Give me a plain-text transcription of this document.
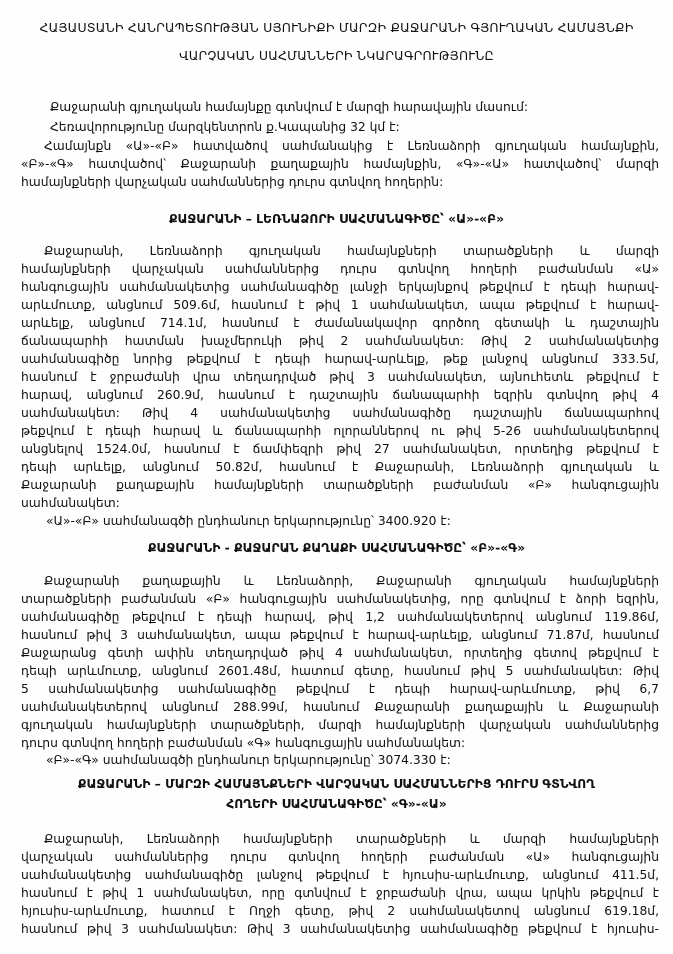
ՀԱՅԱՍՏԱՆԻ ՀԱՆՐԱՊԵՏՈՒԹՅԱՆ ՍՅՈՒՆԻՔԻ ՄԱՐԶԻ ՔԱՋԱՐԱՆԻ ԳՅՈՒՂԱԿԱՆ ՀԱՄԱՅՆՔԻ
ՎԱՐՉԱԿԱՆ ՍԱՀՄԱՆՆԵՐԻ ՆԿԱՐԱԳՐՈՒԹՅՈՒՆԸ
Քաջարանի գյուղական համայնքը գտնվում է մարզի հարավային մասում:
Հեռավորությունը մարզկենտրոն ք.Կապանից 32 կմ է:
Համայնքն «Ա»-«Բ» հատվածով սահմանակից է Լեռնաձորի գյուղական համայնքին,
«Բ»-«Գ» հատվածով՝ Քաջարանի քաղաքային համայնքին, «Գ»-«Ա» հատվածով՝ մարզի
համայնքների վարչական սահմաններից դուրս գտնվող հողերին:
ՔԱՋԱՐԱՆԻ – ԼԵՌՆԱՁՈՐԻ ՍԱՀՄԱՆԱԳԻԾԸ՝ «Ա»-«Բ»
Քաջարանի, Լեռնաձորի գյուղական համայնքների տարածքների և մարզի
համայնքների վարչական սահմաններից դուրս գտնվող հողերի բաժանման «Ա»
հանգուցային սահմանակետից սահմանագիծը լանջի երկայնքով թեքվում է դեպի հարավ-
արևմուտք, անցնում 509.6մ, հասնում է թիվ 1 սահմանակետ, ապա թեքվում է հարավ-
արևելք, անցնում 714.1մ, հասնում է ժամանակավոր գործող գետակի և դաշտային
ճանապարհի հատման խաչմերուկի թիվ 2 սահմանակետ: Թիվ 2 սահմանակետից
սահմանագիծը նորից թեքվում է դեպի հարավ-արևելք, թեք լանջով անցնում 333.5մ,
հասնում է ջրբաժանի վրա տեղադրված թիվ 3 սահմանակետ, այնուհետև թեքվում է
հարավ, անցնում 260.9մ, հասնում է դաշտային ճանապարհի եզրին գտնվող թիվ 4
սահմանակետ: Թիվ 4 սահմանակետից սահմանագիծը դաշտային ճանապարհով
թեքվում է դեպի հարավ և ճանապարհի ոլորաններով ու թիվ 5-26 սահմանակետերով
անցնելով 1524.0մ, հասնում է ճամփեզրի թիվ 27 սահմանակետ, որտեղից թեքվում է
դեպի արևելք, անցնում 50.82մ, հասնում է Քաջարանի, Լեռնաձորի գյուղական և
Քաջարանի քաղաքային համայնքների տարածքների բաժանման «Բ» հանգուցային
սահմանակետ:
«Ա»-«Բ» սահմանագծի ընդհանուր երկարությունը՝ 3400.920 է:
ՔԱՋԱՐԱՆԻ - ՔԱՋԱՐԱՆ ՔԱՂԱՔԻ ՍԱՀՄԱՆԱԳԻԾԸ՝ «Բ»-«Գ»
Քաջարանի քաղաքային և Լեռնաձորի, Քաջարանի գյուղական համայնքների
տարածքների բաժանման «Բ» հանգուցային սահմանակետից, որը գտնվում է ձորի եզրին,
սահմանագիծը թեքվում է դեպի հարավ, թիվ 1,2 սահմանակետերով անցնում 119.86մ,
հասնում թիվ 3 սահմանակետ, ապա թեքվում է հարավ-արևելք, անցնում 71.87մ, հասնում
Քաջարանց գետի ափին տեղադրված թիվ 4 սահմանակետ, որտեղից գետով թեքվում է
դեպի արևմուտք, անցնում 2601.48մ, հատում գետը, հասնում թիվ 5 սահմանակետ: Թիվ
5 սահմանակետից սահմանագիծը թեքվում է դեպի հարավ-արևմուտք, թիվ 6,7
սահմանակետերով անցնում 288.99մ, հասնում Քաջարանի քաղաքային և Քաջարանի
գյուղական համայնքների տարածքների, մարզի համայնքների վարչական սահմաններից
դուրս գտնվող հողերի բաժանման «Գ» հանգուցային սահմանակետ:
«Բ»-«Գ» սահմանագծի ընդհանուր երկարությունը՝ 3074.330 է:
ՔԱՋԱՐԱՆԻ – ՄԱՐԶԻ ՀԱՄԱՅՆՔՆԵՐԻ ՎԱՐՉԱԿԱՆ ՍԱՀՄԱՆՆԵՐԻՑ ԴՈՒՐՍ ԳՏՆՎՈՂ
ՀՈՂԵՐԻ ՍԱՀՄԱՆԱԳԻԾԸ՝ «Գ»-«Ա»
Քաջարանի, Լեռնաձորի համայնքների տարածքների և մարզի համայնքների
վարչական սահմաններից դուրս գտնվող հողերի բաժանման «Ա» հանգուցային
սահմանակետից սահմանագիծը լանջով թեքվում է հյուսիս-արևմուտք, անցնում 411.5մ,
հասնում է թիվ 1 սահմանակետ, որը գտնվում է ջրբաժանի վրա, ապա կրկին թեքվում է
հյուսիս-արևմուտք, հատում է Ողջի գետը, թիվ 2 սահմանակետով անցնում 619.18մ,
հասնում թիվ 3 սահմանակետ: Թիվ 3 սահմանակետից սահմանագիծը թեքվում է հյուսիս-
